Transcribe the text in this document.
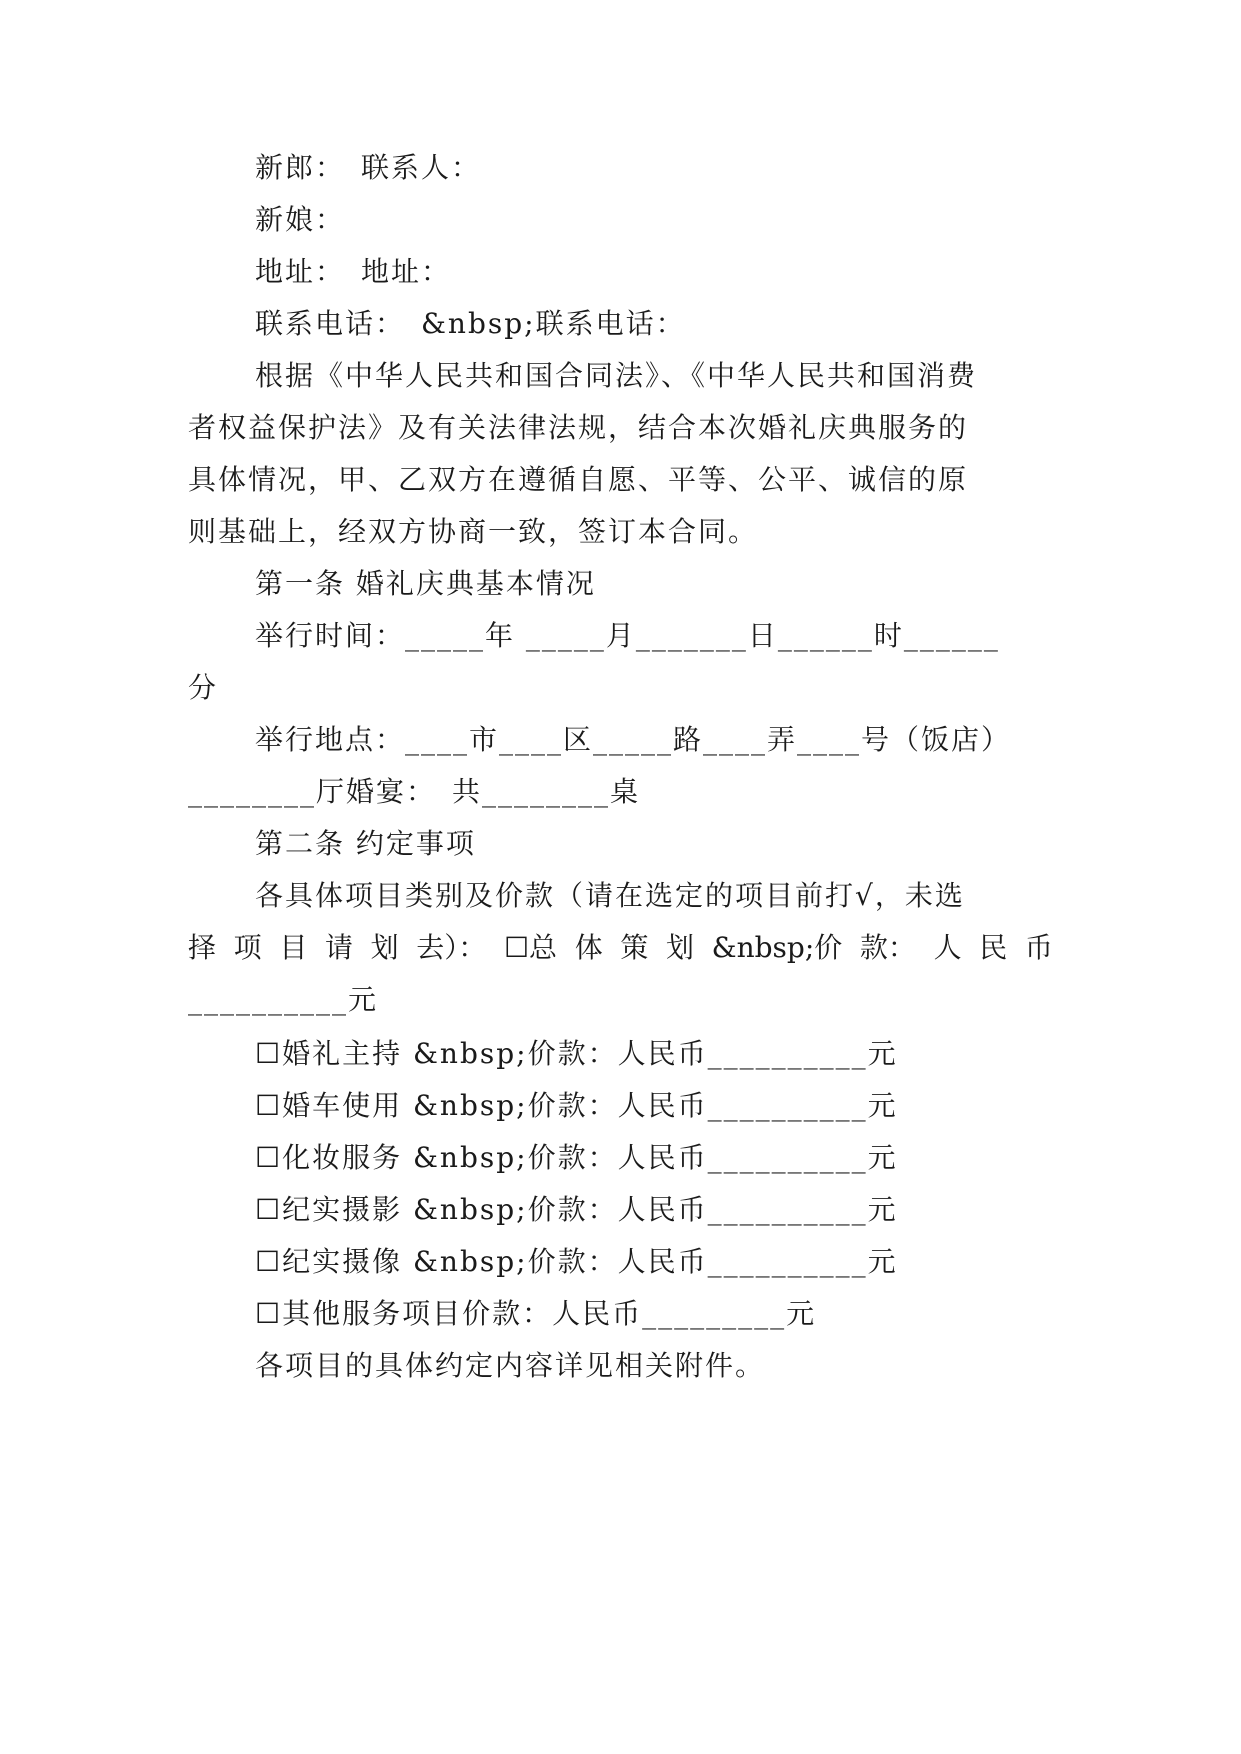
新郎：　联系人：
新娘：
地址：　地址：
联系电话：　&nbsp;联系电话：
根据《中华人民共和国合同法》、《中华人民共和国消费
者权益保护法》及有关法律法规，结合本次婚礼庆典服务的
具体情况，甲、乙双方在遵循自愿、平等、公平、诚信的原
则基础上，经双方协商一致，签订本合同。
第一条 婚礼庆典基本情况
举行时间：_____年 _____月_______日______时______
分
举行地点：____市____区_____路____弄____号（饭店）
________厅婚宴：　共________桌
第二条 约定事项
各具体项目类别及价款（请在选定的项目前打√，未选
择 项 目 请 划 去）： ☐总 体 策 划 &nbsp;价 款： 人 民 币
__________元
☐婚礼主持 &nbsp;价款：人民币__________元
☐婚车使用 &nbsp;价款：人民币__________元
☐化妆服务 &nbsp;价款：人民币__________元
☐纪实摄影 &nbsp;价款：人民币__________元
☐纪实摄像 &nbsp;价款：人民币__________元
☐其他服务项目价款：人民币_________元
各项目的具体约定内容详见相关附件。
